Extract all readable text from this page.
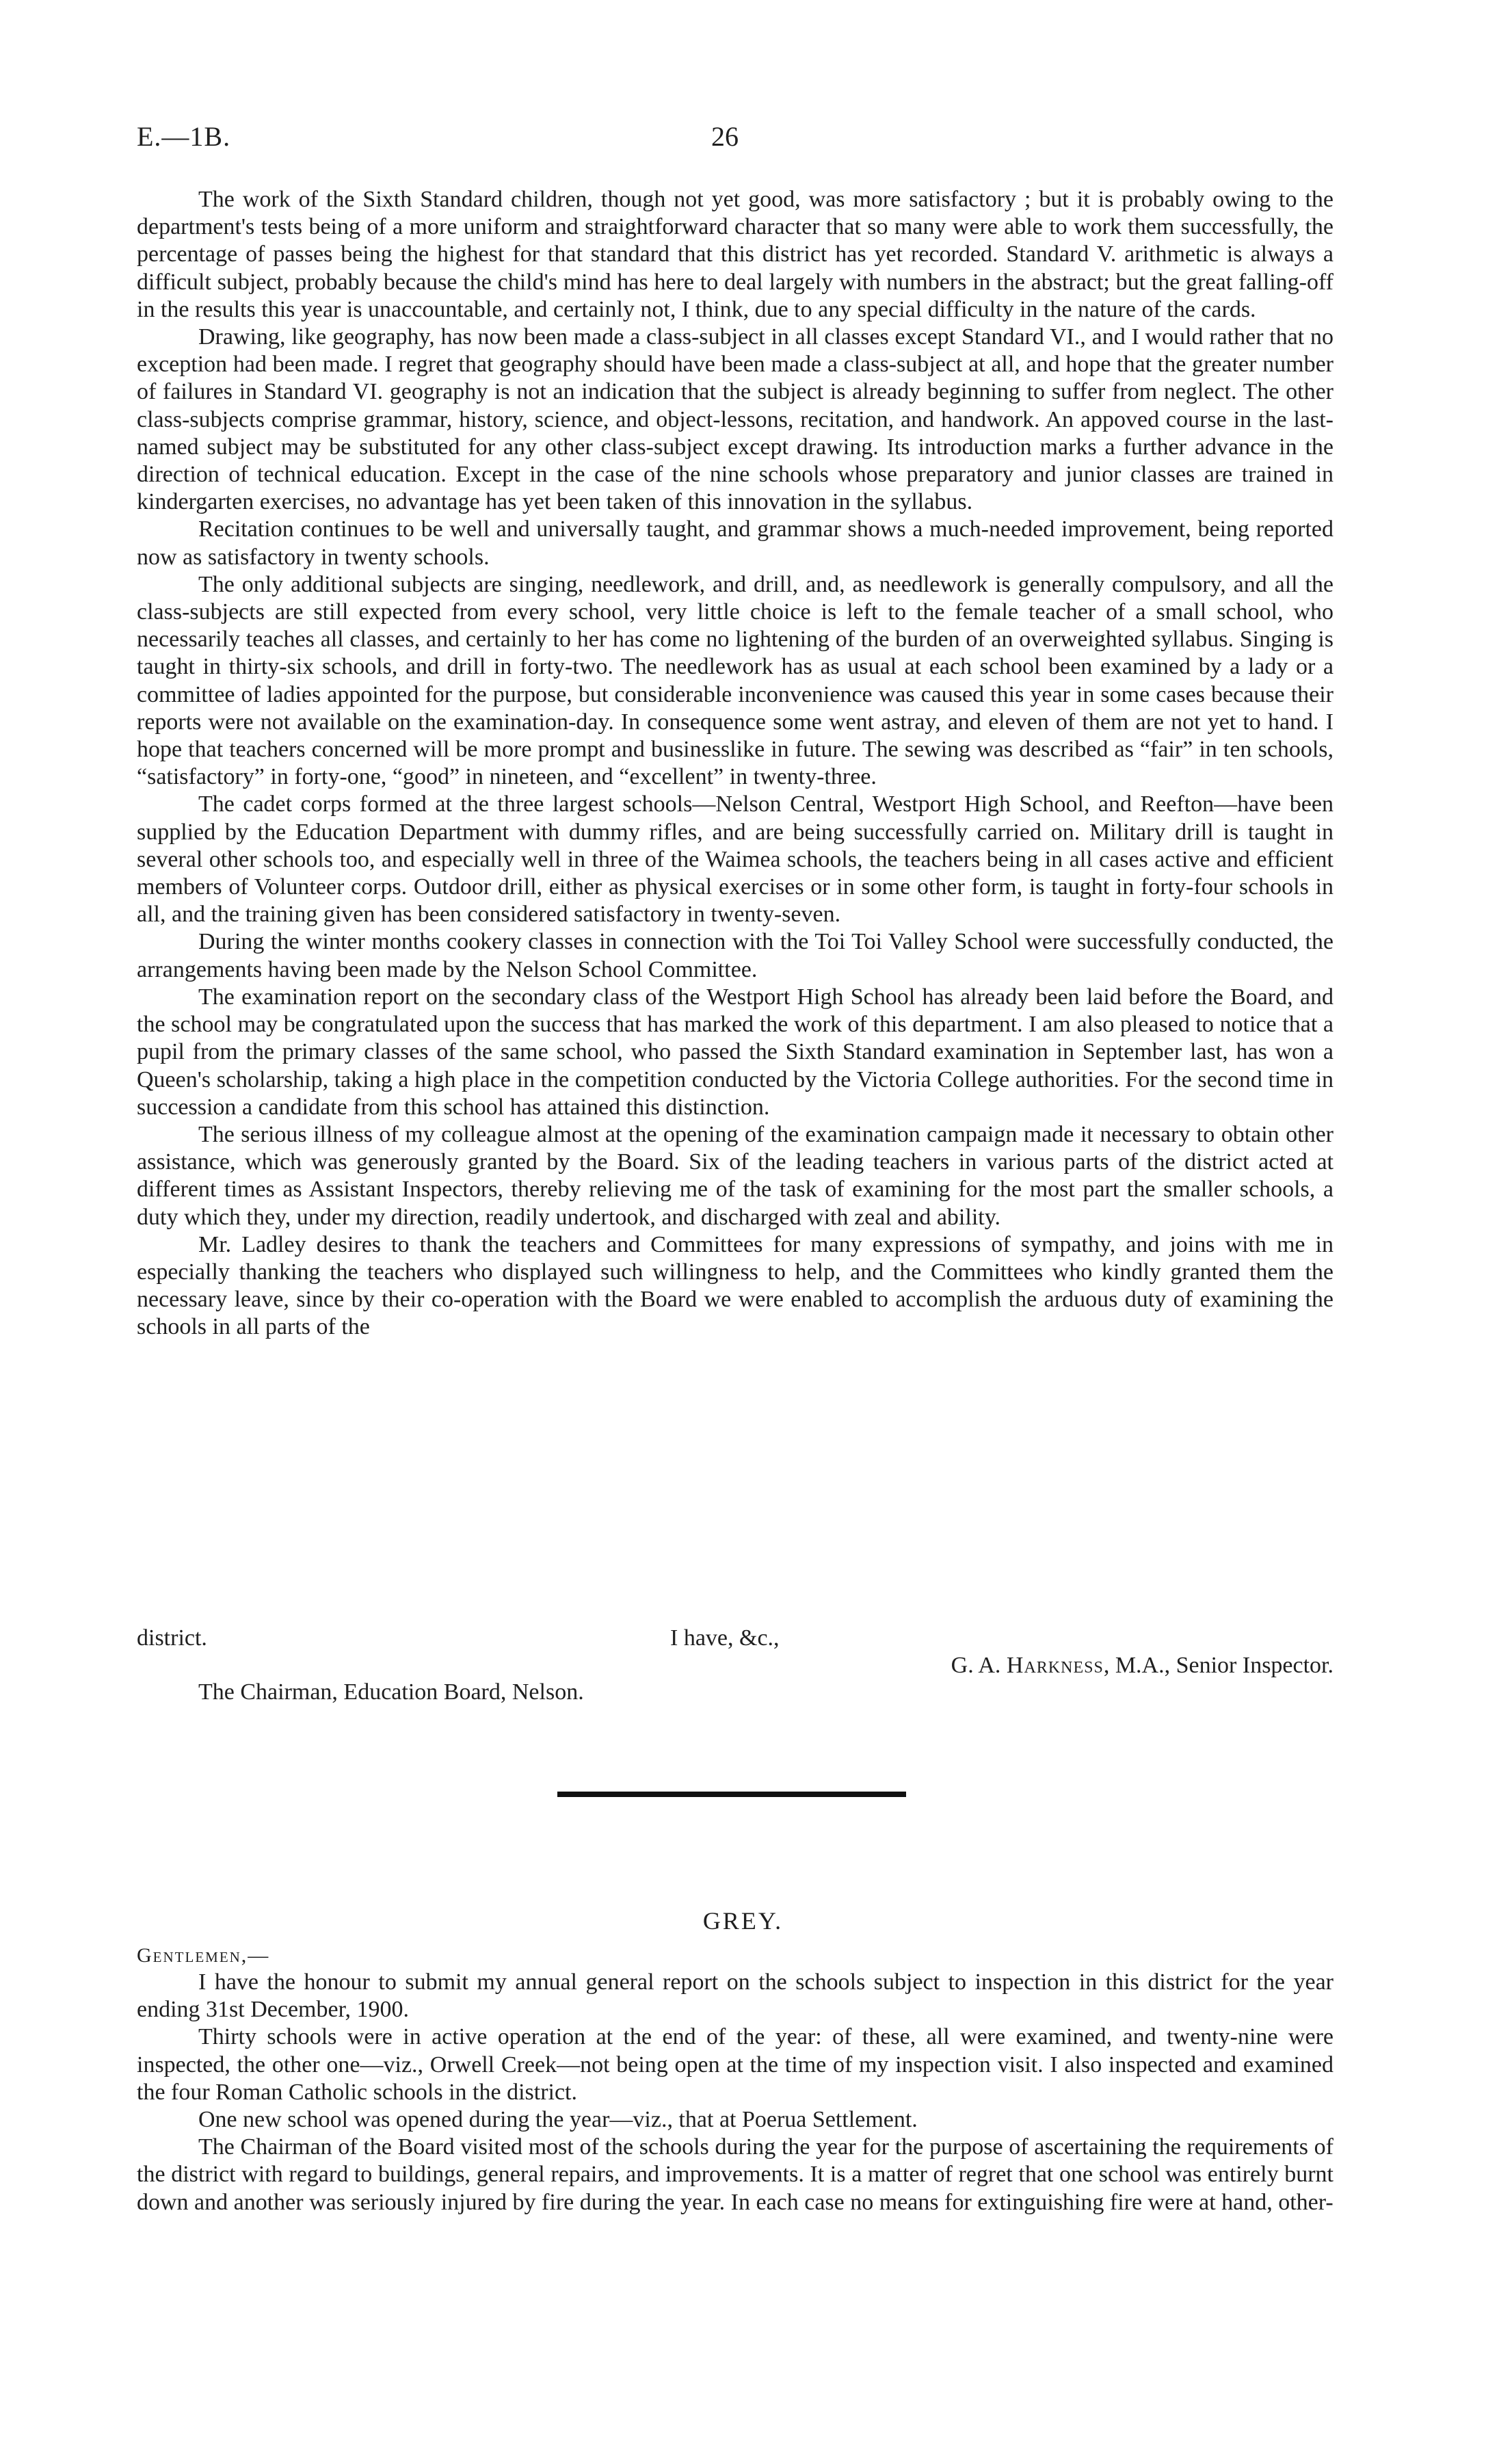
E.—1B.	26

The work of the Sixth Standard children, though not yet good, was more satisfactory ; but it is probably owing to the department's tests being of a more uniform and straightforward character that so many were able to work them successfully, the percentage of passes being the highest for that standard that this district has yet recorded. Standard V. arithmetic is always a difficult subject, probably because the child's mind has here to deal largely with numbers in the abstract; but the great falling-off in the results this year is unaccountable, and certainly not, I think, due to any special difficulty in the nature of the cards.

Drawing, like geography, has now been made a class-subject in all classes except Standard VI., and I would rather that no exception had been made. I regret that geography should have been made a class-subject at all, and hope that the greater number of failures in Standard VI. geography is not an indication that the subject is already beginning to suffer from neglect. The other class-subjects comprise grammar, history, science, and object-lessons, recitation, and handwork. An appoved course in the last-named subject may be substituted for any other class-subject except drawing. Its introduction marks a further advance in the direction of technical education. Except in the case of the nine schools whose preparatory and junior classes are trained in kindergarten exercises, no advantage has yet been taken of this innovation in the syllabus.

Recitation continues to be well and universally taught, and grammar shows a much-needed improvement, being reported now as satisfactory in twenty schools.

The only additional subjects are singing, needlework, and drill, and, as needlework is generally compulsory, and all the class-subjects are still expected from every school, very little choice is left to the female teacher of a small school, who necessarily teaches all classes, and certainly to her has come no lightening of the burden of an overweighted syllabus. Singing is taught in thirty-six schools, and drill in forty-two. The needlework has as usual at each school been examined by a lady or a committee of ladies appointed for the purpose, but considerable inconvenience was caused this year in some cases because their reports were not available on the examination-day. In consequence some went astray, and eleven of them are not yet to hand. I hope that teachers concerned will be more prompt and businesslike in future. The sewing was described as “fair” in ten schools, “satisfactory” in forty-one, “good” in nineteen, and “excellent” in twenty-three.

The cadet corps formed at the three largest schools—Nelson Central, Westport High School, and Reefton—have been supplied by the Education Department with dummy rifles, and are being successfully carried on. Military drill is taught in several other schools too, and especially well in three of the Waimea schools, the teachers being in all cases active and efficient members of Volunteer corps. Outdoor drill, either as physical exercises or in some other form, is taught in forty-four schools in all, and the training given has been considered satisfactory in twenty-seven.

During the winter months cookery classes in connection with the Toi Toi Valley School were successfully conducted, the arrangements having been made by the Nelson School Committee.

The examination report on the secondary class of the Westport High School has already been laid before the Board, and the school may be congratulated upon the success that has marked the work of this department. I am also pleased to notice that a pupil from the primary classes of the same school, who passed the Sixth Standard examination in September last, has won a Queen's scholarship, taking a high place in the competition conducted by the Victoria College authorities. For the second time in succession a candidate from this school has attained this distinction.

The serious illness of my colleague almost at the opening of the examination campaign made it necessary to obtain other assistance, which was generously granted by the Board. Six of the leading teachers in various parts of the district acted at different times as Assistant Inspectors, thereby relieving me of the task of examining for the most part the smaller schools, a duty which they, under my direction, readily undertook, and discharged with zeal and ability.

Mr. Ladley desires to thank the teachers and Committees for many expressions of sympathy, and joins with me in especially thanking the teachers who displayed such willingness to help, and the Committees who kindly granted them the necessary leave, since by their co-operation with the Board we were enabled to accomplish the arduous duty of examining the schools in all parts of the

district.	I have, &c.,
G. A. Harkness, M.A., Senior Inspector.
The Chairman, Education Board, Nelson.
GREY.
Gentlemen,—

I have the honour to submit my annual general report on the schools subject to inspection in this district for the year ending 31st December, 1900.

Thirty schools were in active operation at the end of the year: of these, all were examined, and twenty-nine were inspected, the other one—viz., Orwell Creek—not being open at the time of my inspection visit. I also inspected and examined the four Roman Catholic schools in the district.

One new school was opened during the year—viz., that at Poerua Settlement.

The Chairman of the Board visited most of the schools during the year for the purpose of ascertaining the requirements of the district with regard to buildings, general repairs, and improvements. It is a matter of regret that one school was entirely burnt down and another was seriously injured by fire during the year. In each case no means for extinguishing fire were at hand, other-
